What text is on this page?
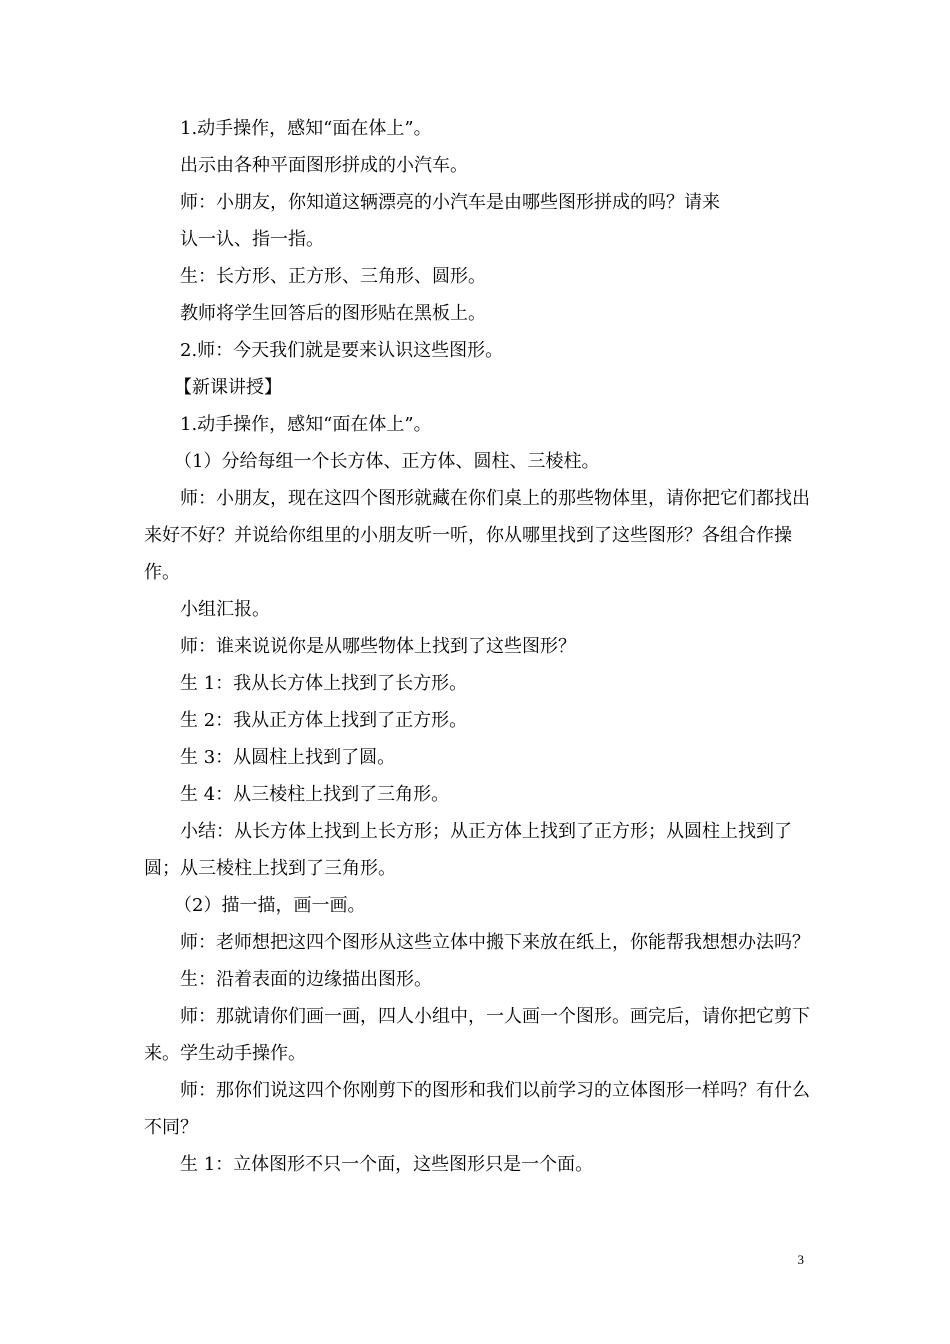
1.动手操作，感知“面在体上”。

出示由各种平面图形拼成的小汽车。

师：小朋友，你知道这辆漂亮的小汽车是由哪些图形拼成的吗？请来

认一认、指一指。

生：长方形、正方形、三角形、圆形。

教师将学生回答后的图形贴在黑板上。

2.师：今天我们就是要来认识这些图形。

【新课讲授】

1.动手操作，感知“面在体上”。

（1）分给每组一个长方体、正方体、圆柱、三棱柱。

师：小朋友，现在这四个图形就藏在你们桌上的那些物体里，请你把它们都找出来好不好？并说给你组里的小朋友听一听，你从哪里找到了这些图形？各组合作操作。

小组汇报。

师：谁来说说你是从哪些物体上找到了这些图形？

生 1：我从长方体上找到了长方形。

生 2：我从正方体上找到了正方形。

生 3：从圆柱上找到了圆。

生 4：从三棱柱上找到了三角形。

小结：从长方体上找到上长方形；从正方体上找到了正方形；从圆柱上找到了圆；从三棱柱上找到了三角形。

（2）描一描，画一画。

师：老师想把这四个图形从这些立体中搬下来放在纸上，你能帮我想想办法吗？

生：沿着表面的边缘描出图形。

师：那就请你们画一画，四人小组中，一人画一个图形。画完后，请你把它剪下来。学生动手操作。

师：那你们说这四个你刚剪下的图形和我们以前学习的立体图形一样吗？有什么不同？

生 1：立体图形不只一个面，这些图形只是一个面。

3
